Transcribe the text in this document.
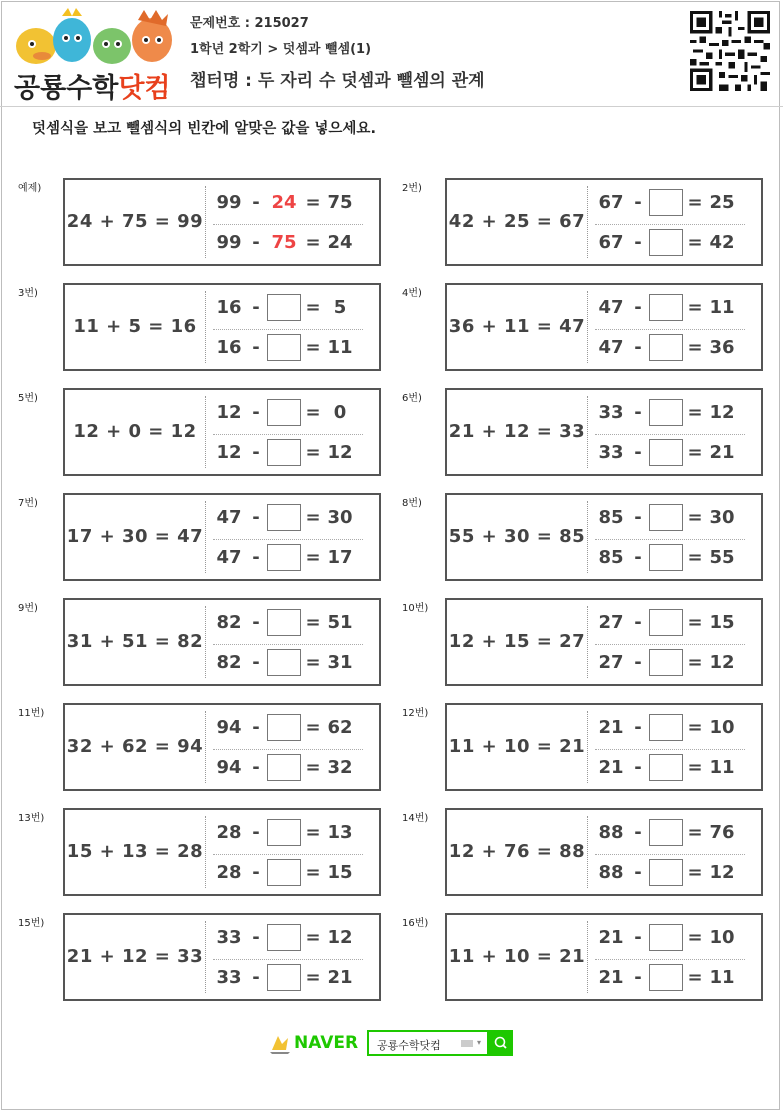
공룡수학닷컴
문제번호 : 215027
1학년 2학기 > 덧셈과 뺄셈(1)
챕터명 : 두 자리 수 덧셈과 뺄셈의 관계
덧셈식을 보고 뺄셈식의 빈칸에 알맞은 값을 넣으세요.
예제)
24 + 75 = 99
99 - 24 = 75
99 - 75 = 24
2번)
42 + 25 = 67
67 -	= 25
67 -	= 42
3번)
11 + 5 = 16
16 -	= 5
16 -	= 11
4번)
36 + 11 = 47
47 -	= 11
47 -	= 36
5번)
12 + 0 = 12
12 -	= 0
12 -	= 12
6번)
21 + 12 = 33
33 -	= 12
33 -	= 21
7번)
17 + 30 = 47
47 -	= 30
47 -	= 17
8번)
55 + 30 = 85
85 -	= 30
85 -	= 55
9번)
31 + 51 = 82
82 -	= 51
82 -	= 31
10번)
12 + 15 = 27
27 -	= 15
27 -	= 12
11번)
32 + 62 = 94
94 -	= 62
94 -	= 32
12번)
11 + 10 = 21
21 -	= 10
21 -	= 11
13번)
15 + 13 = 28
28 -	= 13
28 -	= 15
14번)
12 + 76 = 88
88 -	= 76
88 -	= 12
15번)
21 + 12 = 33
33 -	= 12
33 -	= 21
16번)
11 + 10 = 21
21 -	= 10
21 -	= 11
NAVER 공룡수학닷컴	▾
